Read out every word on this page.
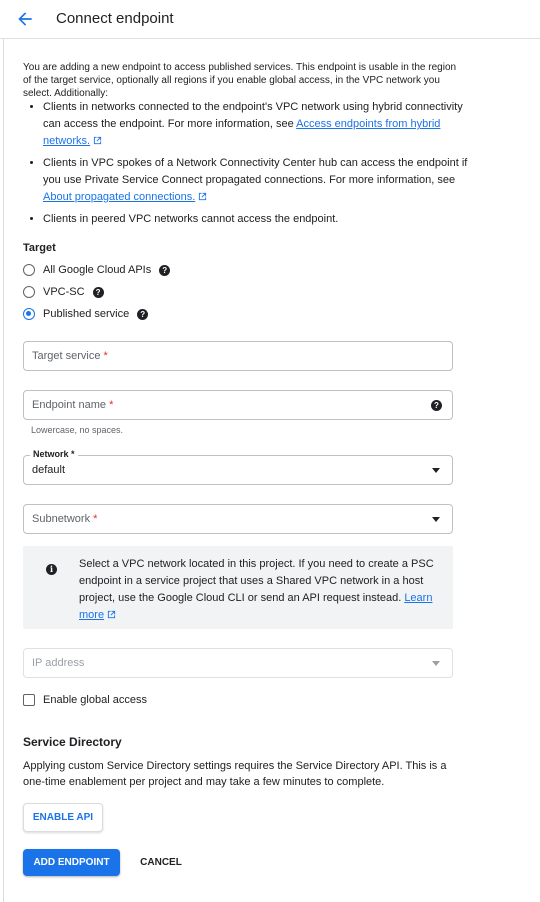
Connect endpoint
You are adding a new endpoint to access published services. This endpoint is usable in the region of the target service, optionally all regions if you enable global access, in the VPC network you select. Additionally:
• Clients in networks connected to the endpoint's VPC network using hybrid connectivity can access the endpoint. For more information, see Access endpoints from hybrid networks.
• Clients in VPC spokes of a Network Connectivity Center hub can access the endpoint if you use Private Service Connect propagated connections. For more information, see About propagated connections.
• Clients in peered VPC networks cannot access the endpoint.
Target
All Google Cloud APIs	?
VPC-SC	?
Published service	?
Target service *
Endpoint name *	?
Lowercase, no spaces.
Network *
default
Subnetwork *
i	Select a VPC network located in this project. If you need to create a PSC endpoint in a service project that uses a Shared VPC network in a host project, use the Google Cloud CLI or send an API request instead. Learn more
IP address
Enable global access
Service Directory
Applying custom Service Directory settings requires the Service Directory API. This is a one-time enablement per project and may take a few minutes to complete.
ENABLE API
ADD ENDPOINT	CANCEL
